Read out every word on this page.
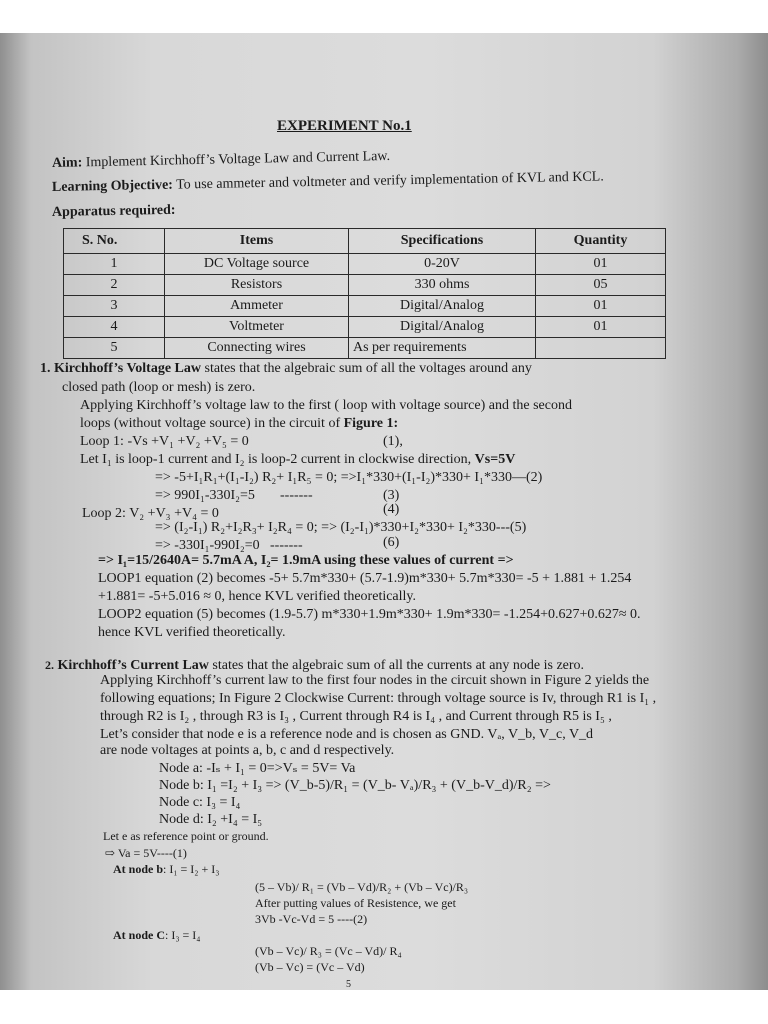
EXPERIMENT No.1
Aim: Implement Kirchhoff’s Voltage Law and Current Law.
Learning Objective: To use ammeter and voltmeter and verify implementation of KVL and KCL.
Apparatus required:
S. No.	Items	Specifications	Quantity
1	DC Voltage source	0-20V	01
2	Resistors	330 ohms	05
3	Ammeter	Digital/Analog	01
4	Voltmeter	Digital/Analog	01
5	Connecting wires	As per requirements	
1. Kirchhoff’s Voltage Law states that the algebraic sum of all the voltages around any
closed path (loop or mesh) is zero.
Applying Kirchhoff’s voltage law to the first ( loop with voltage source) and the second
loops (without voltage source) in the circuit of Figure 1:
Loop 1: -Vs +V₁ +V₂ +V₅ = 0	(1),
Let I₁ is loop-1 current and I₂ is loop-2 current in clockwise direction, Vs=5V
=> -5+I₁R₁+(I₁-I₂) R₂+ I₁R₅ = 0; =>I₁*330+(I₁-I₂)*330+ I₁*330—(2)
=> 990I₁-330I₂=5 -------	(3)
Loop 2: V₂ +V₃ +V₄ = 0	(4)
=> (I₂-I₁) R₂+I₂R₃+ I₂R₄ = 0; => (I₂-I₁)*330+I₂*330+ I₂*330---(5)
=> -330I₁-990I₂=0 -------	(6)
=> I₁=15/2640A= 5.7mA A, I₂= 1.9mA using these values of current =>
LOOP1 equation (2) becomes -5+ 5.7m*330+ (5.7-1.9)m*330+ 5.7m*330= -5 + 1.881 + 1.254
+1.881= -5+5.016 ≈ 0, hence KVL verified theoretically.
LOOP2 equation (5) becomes (1.9-5.7) m*330+1.9m*330+ 1.9m*330= -1.254+0.627+0.627≈ 0.
hence KVL verified theoretically.
2. Kirchhoff’s Current Law states that the algebraic sum of all the currents at any node is zero.
Applying Kirchhoff’s current law to the first four nodes in the circuit shown in Figure 2 yields the
following equations; In Figure 2 Clockwise Current: through voltage source is Iv, through R1 is I₁ ,
through R2 is I₂ , through R3 is I₃ , Current through R4 is I₄ , and Current through R5 is I₅ ,
Let’s consider that node e is a reference node and is chosen as GND. Vₐ, V_b, V_c, V_d
are node voltages at points a, b, c and d respectively.
Node a: -Iₛ + I₁ = 0=>Vₛ = 5V= Va
Node b: I₁ =I₂ + I₃ => (V_b-5)/R₁ = (V_b- Vₐ)/R₃ + (V_b-V_d)/R₂ =>
Node c: I₃ = I₄
Node d: I₂ +I₄ = I₅
Let e as reference point or ground.
⇨ Va = 5V----(1)
At node b: I₁ = I₂ + I₃
(5 – Vb)/ R₁ = (Vb – Vd)/R₂ + (Vb – Vc)/R₃
After putting values of Resistence, we get
3Vb -Vc-Vd = 5 ----(2)
At node C: I₃ = I₄
(Vb – Vc)/ R₃ = (Vc – Vd)/ R₄
(Vb – Vc) = (Vc – Vd)
5
